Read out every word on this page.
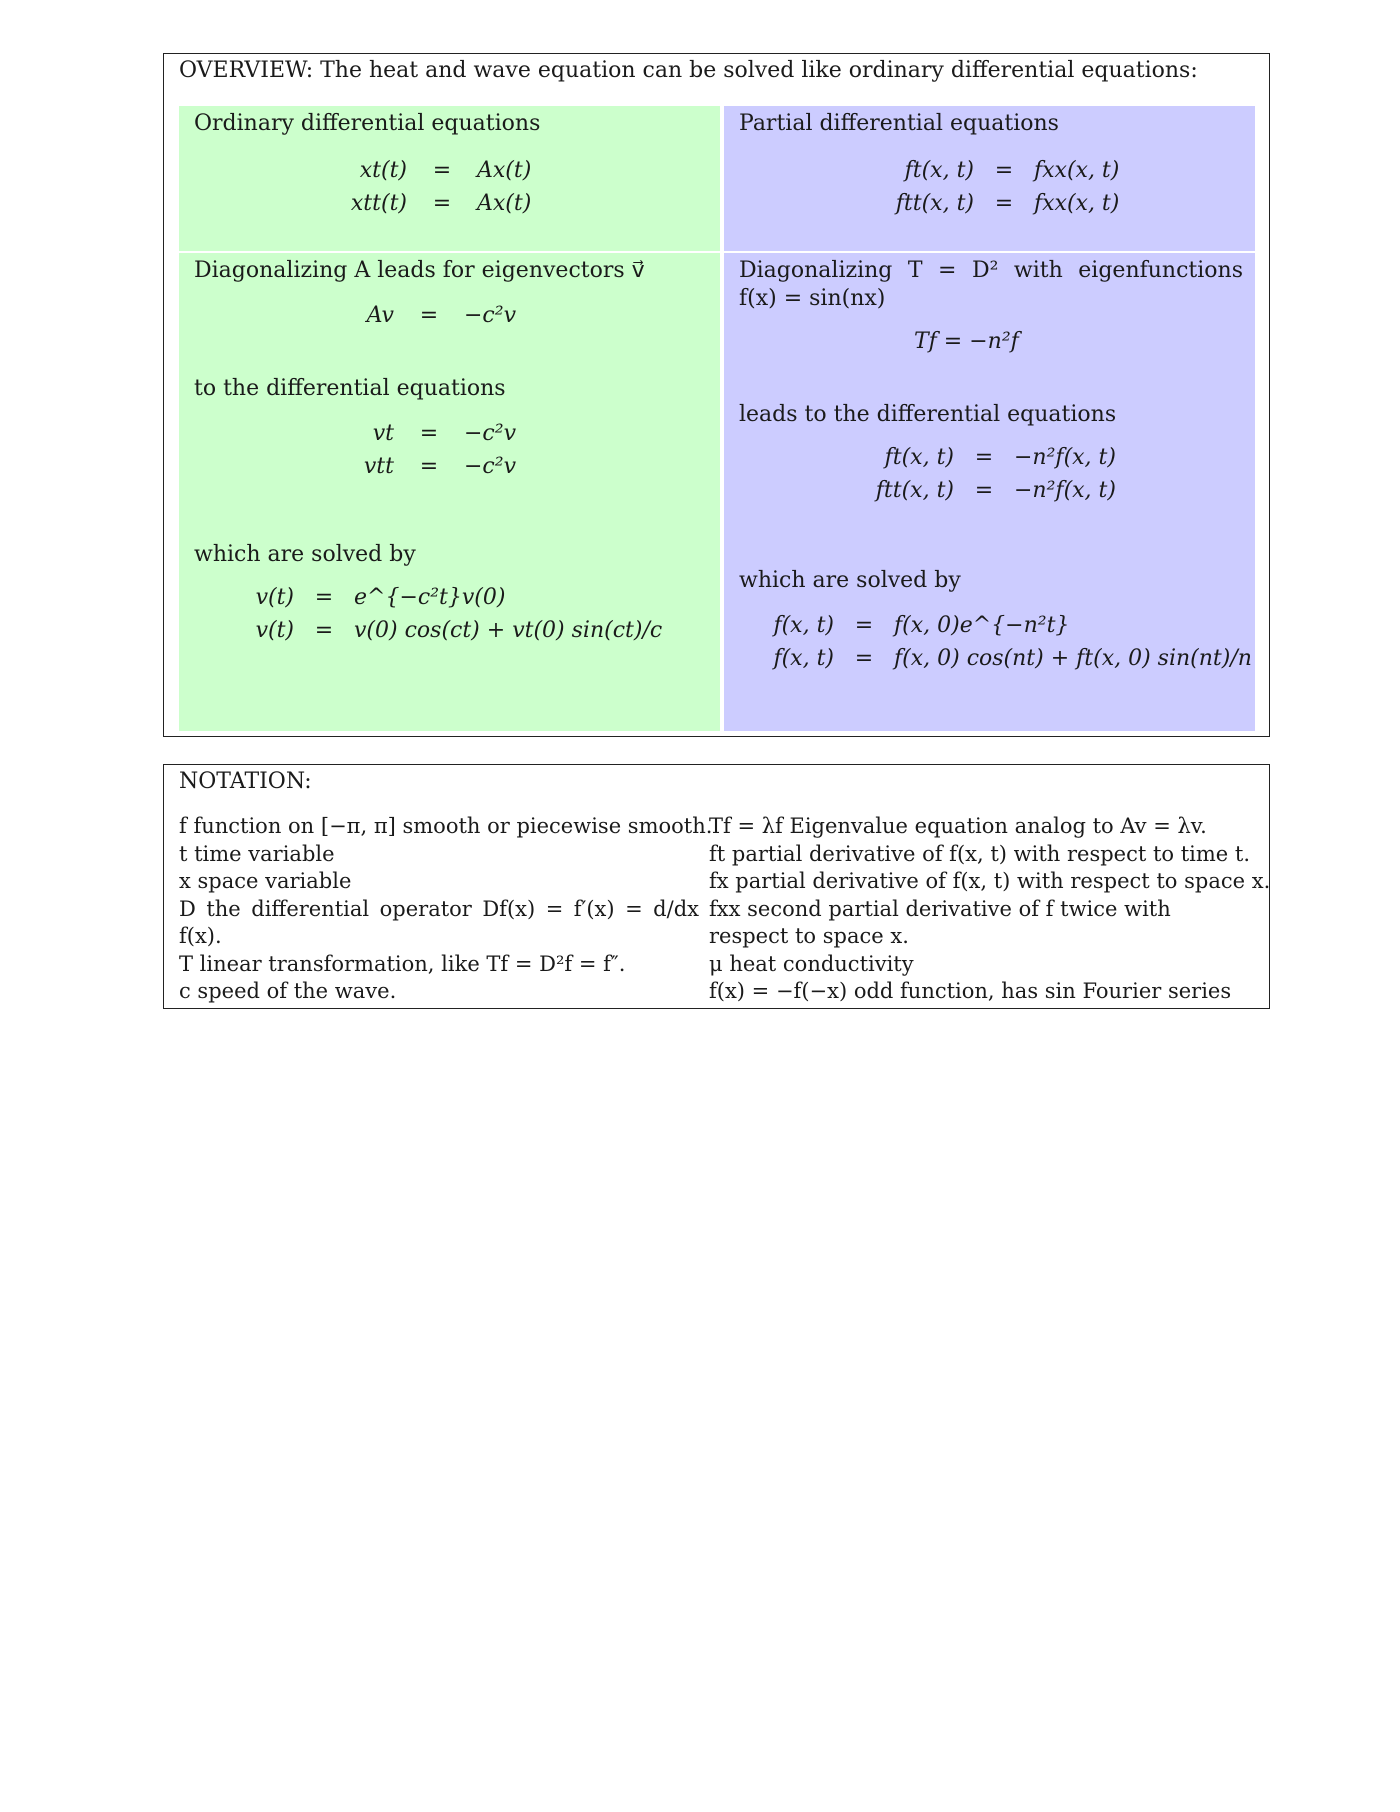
OVERVIEW: The heat and wave equation can be solved like ordinary differential equations:
Ordinary differential equations
xt(t)	=	Ax(t)
xtt(t)	=	Ax(t)
Partial differential equations
ft(x, t) = fxx(x, t)
ftt(x, t) = fxx(x, t)
Diagonalizing A leads for eigenvectors v⃗
Av	=	−c²v
to the differential equations
vt	=	−c²v
vtt	=	−c²v
which are solved by
v(t) = e^{−c²t}v(0)
v(t) = v(0) cos(ct) + vt(0) sin(ct)/c
Diagonalizing T = D² with eigenfunctions f(x) = sin(nx)
Tf = −n²f
leads to the differential equations
ft(x, t) = −n²f(x, t)
ftt(x, t) = −n²f(x, t)
which are solved by
f(x, t) = f(x, 0)e^{−n²t}
f(x, t) = f(x, 0) cos(nt) + ft(x, 0) sin(nt)/n
NOTATION:
f function on [−π, π] smooth or piecewise smooth.
t time variable
x space variable
D the differential operator Df(x) = f′(x) = d/dx f(x).
T linear transformation, like Tf = D²f = f″.
c speed of the wave.
Tf = λf Eigenvalue equation analog to Av = λv.
ft partial derivative of f(x, t) with respect to time t.
fx partial derivative of f(x, t) with respect to space x.
fxx second partial derivative of f twice with respect to space x.
μ heat conductivity
f(x) = −f(−x) odd function, has sin Fourier series
